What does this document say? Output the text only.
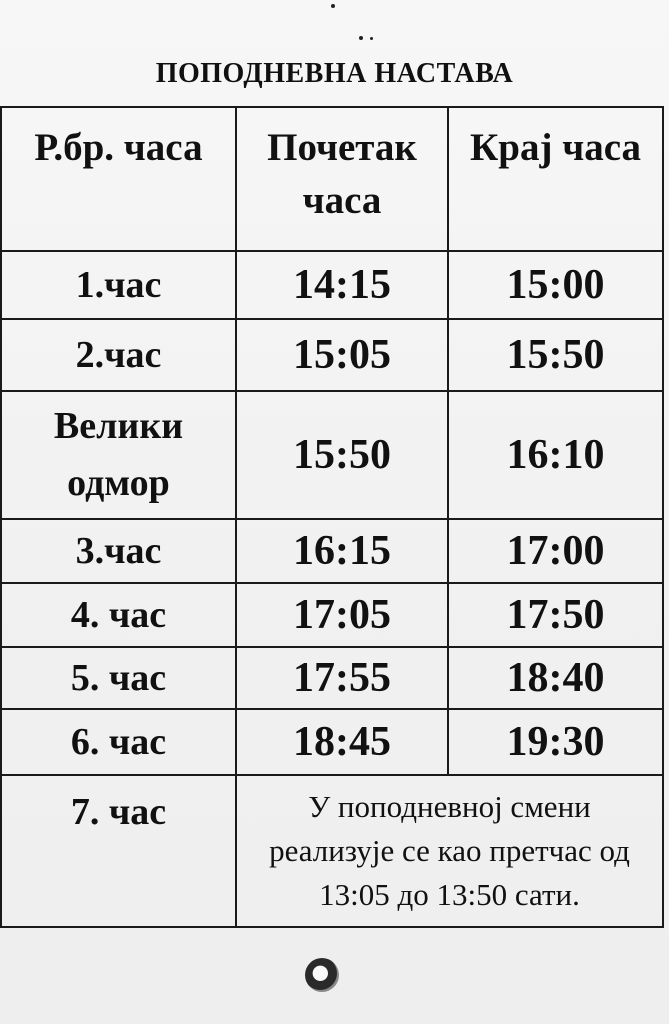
ПОПОДНЕВНА НАСТАВА
Р.бр. часа	Почетак часа	Крај часа
1.час	14:15	15:00
2.час	15:05	15:50
Велики одмор	15:50	16:10
3.час	16:15	17:00
4. час	17:05	17:50
5. час	17:55	18:40
6. час	18:45	19:30
7. час	У поподневној смени реализује се као претчас од 13:05 до 13:50 сати.	
